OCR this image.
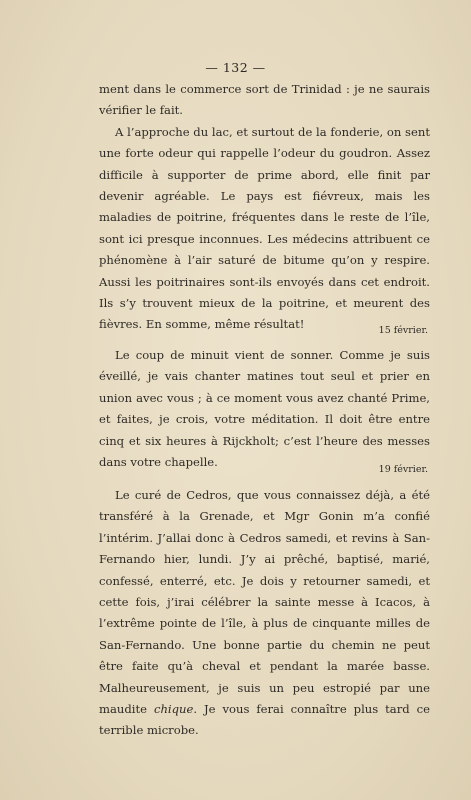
— 132 —

ment dans le commerce sort de Trinidad : je ne saurais vérifier le fait.

A l’approche du lac, et surtout de la fonderie, on sent une forte odeur qui rappelle l’odeur du goudron. Assez difficile à supporter de prime abord, elle finit par devenir agréable. Le pays est fiévreux, mais les maladies de poitrine, fréquentes dans le reste de l’île, sont ici presque inconnues. Les médecins attribuent ce phénomène à l’air saturé de bitume qu’on y respire. Aussi les poitrinaires sont-ils envoyés dans cet endroit. Ils s’y trouvent mieux de la poitrine, et meurent des fièvres. En somme, même résultat!	15 février.

Le coup de minuit vient de sonner. Comme je suis éveillé, je vais chanter matines tout seul et prier en union avec vous ; à ce moment vous avez chanté Prime, et faites, je crois, votre méditation. Il doit être entre cinq et six heures à Rijckholt; c’est l’heure des messes dans votre chapelle.

19 février.

Le curé de Cedros, que vous connaissez déjà, a été transféré à la Grenade, et Mgr Gonin m’a confié l’intérim. J’allai donc à Cedros samedi, et revins à San-Fernando hier, lundi. J’y ai prêché, baptisé, marié, confessé, enterré, etc. Je dois y retourner samedi, et cette fois, j’irai célébrer la sainte messe à Icacos, à l’extrême pointe de l’île, à plus de cinquante milles de San-Fernando. Une bonne partie du chemin ne peut être faite qu’à cheval et pendant la marée basse. Malheureusement, je suis un peu estropié par une maudite chique. Je vous ferai connaître plus tard ce terrible microbe.
